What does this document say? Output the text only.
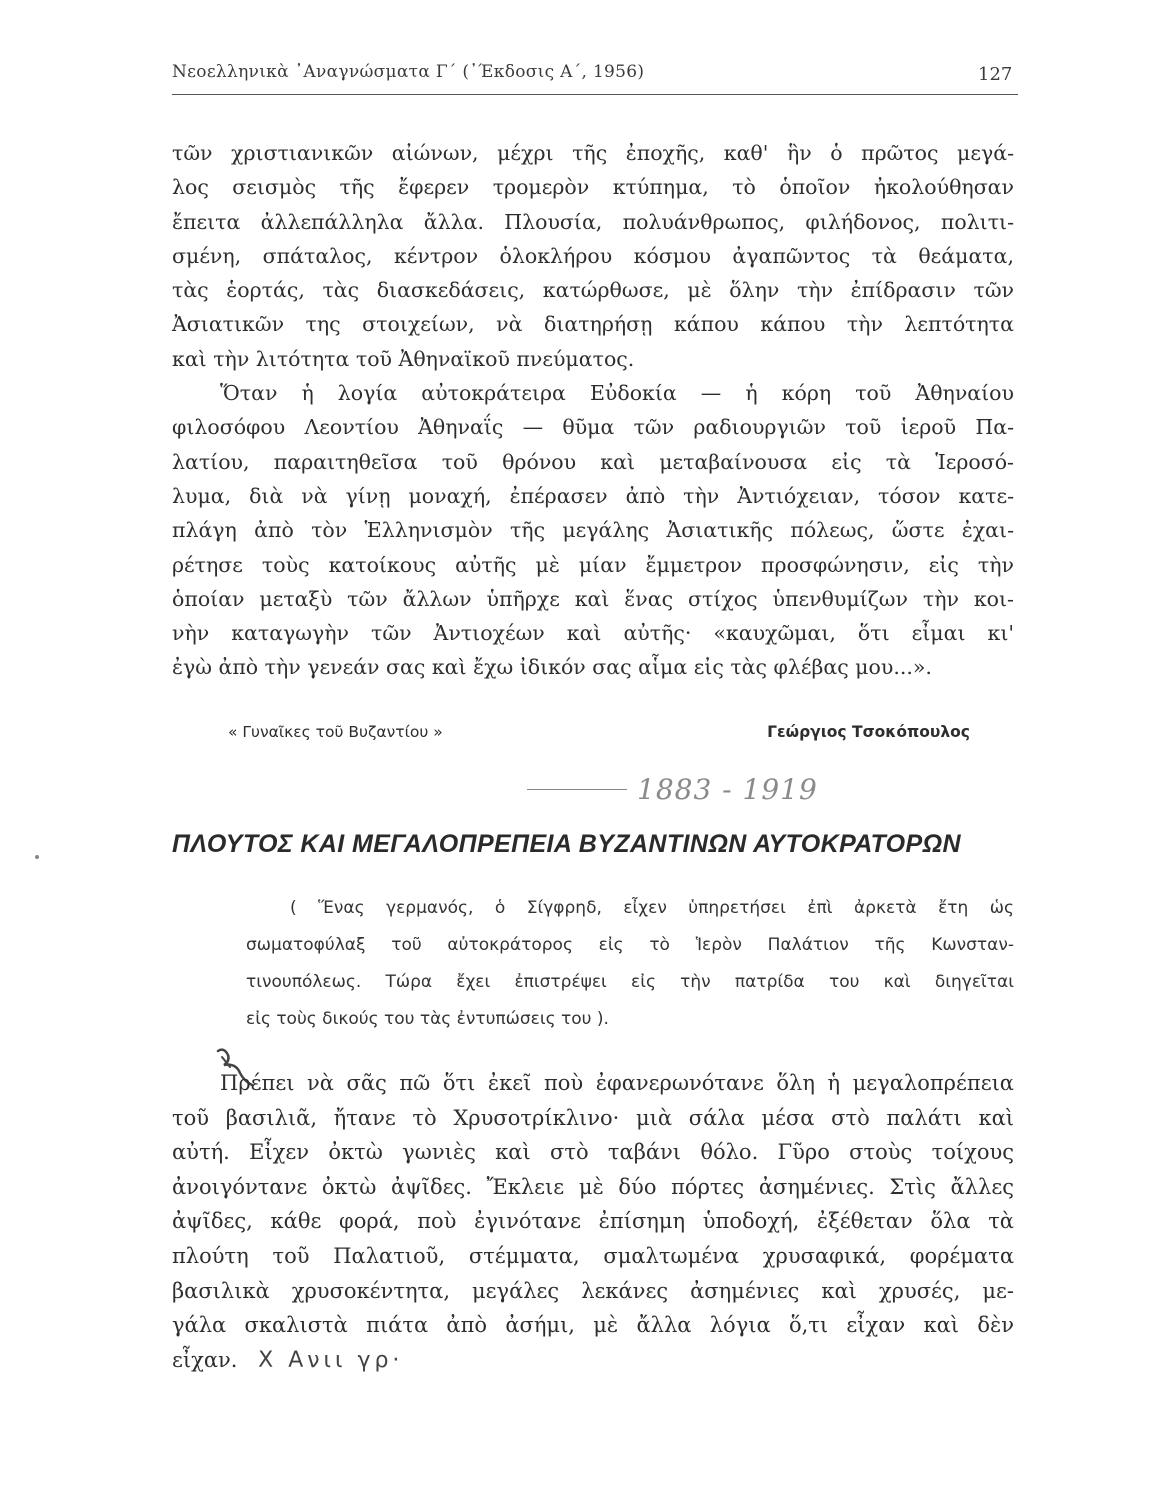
Νεοελληνικὰ ᾿Αναγνώσματα Γ´ (᾿Έκδοσις Α´, 1956)	127
τῶν χριστιανικῶν αἰώνων, μέχρι τῆς ἐποχῆς, καθ' ἣν ὁ πρῶτος μεγά-
λος σεισμὸς τῆς ἔφερεν τρομερὸν κτύπημα, τὸ ὁποῖον ἠκολούθησαν
ἔπειτα ἀλλεπάλληλα ἄλλα. Πλουσία, πολυάνθρωπος, φιλήδονος, πολιτι-
σμένη, σπάταλος, κέντρον ὁλοκλήρου κόσμου ἀγαπῶντος τὰ θεάματα,
τὰς ἑορτάς, τὰς διασκεδάσεις, κατώρθωσε, μὲ ὅλην τὴν ἐπίδρασιν τῶν
Ἀσιατικῶν της στοιχείων, νὰ διατηρήσῃ κάπου κάπου τὴν λεπτότητα
καὶ τὴν λιτότητα τοῦ Ἀθηναϊκοῦ πνεύματος.
Ὅταν ἡ λογία αὐτοκράτειρα Εὐδοκία — ἡ κόρη τοῦ Ἀθηναίου
φιλοσόφου Λεοντίου Ἀθηναΐς — θῦμα τῶν ραδιουργιῶν τοῦ ἱεροῦ Πα-
λατίου, παραιτηθεῖσα τοῦ θρόνου καὶ μεταβαίνουσα εἰς τὰ Ἱεροσό-
λυμα, διὰ νὰ γίνῃ μοναχή, ἐπέρασεν ἀπὸ τὴν Ἀντιόχειαν, τόσον κατε-
πλάγη ἀπὸ τὸν Ἑλληνισμὸν τῆς μεγάλης Ἀσιατικῆς πόλεως, ὥστε ἐχαι-
ρέτησε τοὺς κατοίκους αὐτῆς μὲ μίαν ἔμμετρον προσφώνησιν, εἰς τὴν
ὁποίαν μεταξὺ τῶν ἄλλων ὑπῆρχε καὶ ἕνας στίχος ὑπενθυμίζων τὴν κοι-
νὴν καταγωγὴν τῶν Ἀντιοχέων καὶ αὐτῆς· «καυχῶμαι, ὅτι εἶμαι κι'
ἐγὼ ἀπὸ τὴν γενεάν σας καὶ ἔχω ἰδικόν σας αἷμα εἰς τὰς φλέβας μου...».
« Γυναῖκες τοῦ Βυζαντίου »	Γεώργιος Τσοκόπουλος
1883 - 1919
ΠΛΟΥΤΟΣ ΚΑΙ ΜΕΓΑΛΟΠΡΕΠΕΙΑ ΒΥΖΑΝΤΙΝΩΝ ΑΥΤΟΚΡΑΤΟΡΩΝ
( Ἕνας γερμανός, ὁ Σίγφρηδ, εἶχεν ὑπηρετήσει ἐπὶ ἀρκετὰ ἔτη ὡς
σωματοφύλαξ τοῦ αὐτοκράτορος εἰς τὸ Ἱερὸν Παλάτιον τῆς Κωνσταν-
τινουπόλεως. Τώρα ἔχει ἐπιστρέψει εἰς τὴν πατρίδα του καὶ διηγεῖται
εἰς τοὺς δικούς του τὰς ἐντυπώσεις του ).
Πρέπει νὰ σᾶς πῶ ὅτι ἐκεῖ ποὺ ἐφανερωνότανε ὅλη ἡ μεγαλοπρέπεια
τοῦ βασιλιᾶ, ἤτανε τὸ Χρυσοτρίκλινο· μιὰ σάλα μέσα στὸ παλάτι καὶ
αὐτή. Εἶχεν ὀκτὼ γωνιὲς καὶ στὸ ταβάνι θόλο. Γῦρο στοὺς τοίχους
ἀνοιγόντανε ὀκτὼ ἀψῖδες. Ἔκλειε μὲ δύο πόρτες ἀσημένιες. Στὶς ἄλλες
ἀψῖδες, κάθε φορά, ποὺ ἐγινότανε ἐπίσημη ὑποδοχή, ἐξέθεταν ὅλα τὰ
πλούτη τοῦ Παλατιοῦ, στέμματα, σμαλτωμένα χρυσαφικά, φορέματα
βασιλικὰ χρυσοκέντητα, μεγάλες λεκάνες ἀσημένιες καὶ χρυσές, με-
γάλα σκαλιστὰ πιάτα ἀπὸ ἀσήμι, μὲ ἄλλα λόγια ὅ,τι εἶχαν καὶ δὲν
εἶχαν. Χ Ανιι γρ·
